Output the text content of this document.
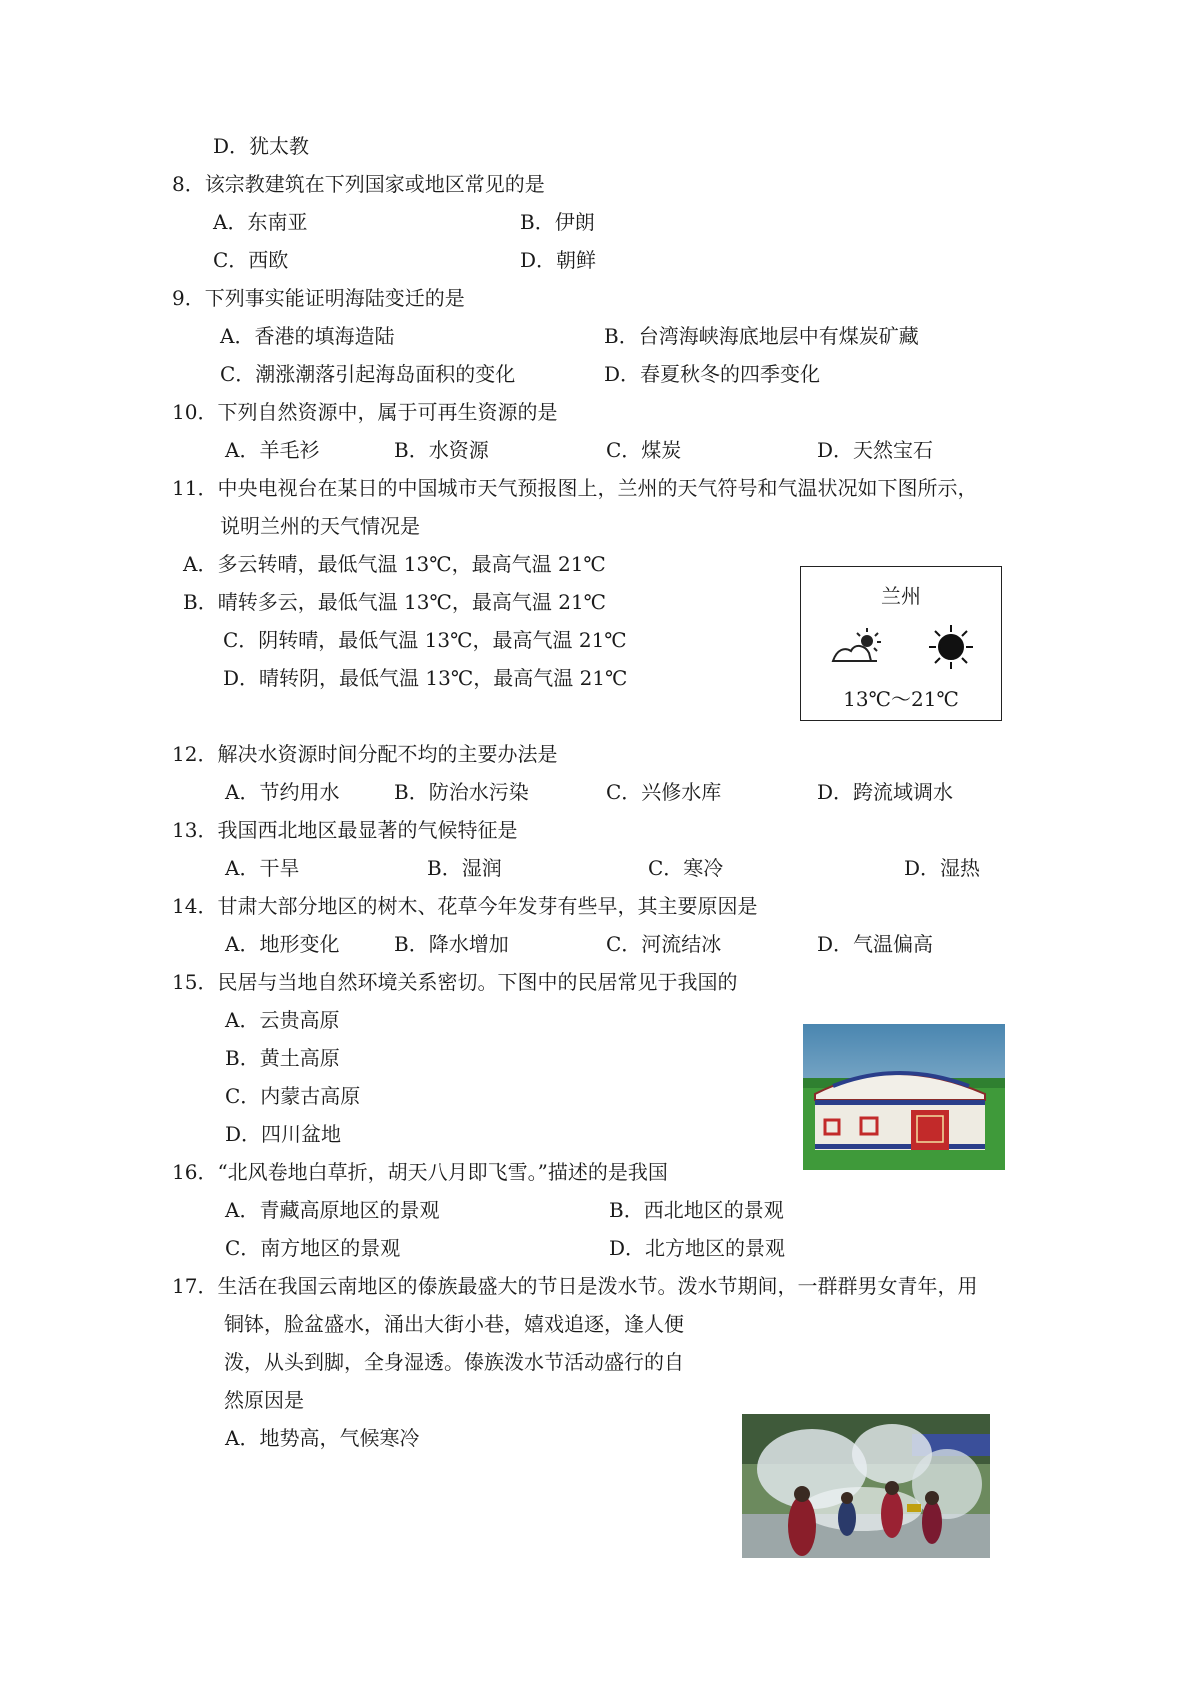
D．犹太教
8．该宗教建筑在下列国家或地区常见的是
A．东南亚	B．伊朗
C．西欧	D．朝鲜
9．下列事实能证明海陆变迁的是
A．香港的填海造陆	B．台湾海峡海底地层中有煤炭矿藏
C．潮涨潮落引起海岛面积的变化	D．春夏秋冬的四季变化
10．下列自然资源中，属于可再生资源的是
A．羊毛衫	B．水资源	C．煤炭	D．天然宝石
11．中央电视台在某日的中国城市天气预报图上，兰州的天气符号和气温状况如下图所示，
说明兰州的天气情况是
A．多云转晴，最低气温 13℃，最高气温 21℃
B．晴转多云，最低气温 13℃，最高气温 21℃
C．阴转晴，最低气温 13℃，最高气温 21℃
D．晴转阴，最低气温 13℃，最高气温 21℃
兰州
13℃～21℃
12．解决水资源时间分配不均的主要办法是
A．节约用水	B．防治水污染	C．兴修水库	D．跨流域调水
13．我国西北地区最显著的气候特征是
A．干旱	B．湿润	C．寒冷	D．湿热
14．甘肃大部分地区的树木、花草今年发芽有些早，其主要原因是
A．地形变化	B．降水增加	C．河流结冰	D．气温偏高
15．民居与当地自然环境关系密切。下图中的民居常见于我国的
A．云贵高原
B．黄土高原
C．内蒙古高原
D．四川盆地
16．“北风卷地白草折，胡天八月即飞雪。”描述的是我国
A．青藏高原地区的景观	B．西北地区的景观
C．南方地区的景观	D．北方地区的景观
17．生活在我国云南地区的傣族最盛大的节日是泼水节。泼水节期间，一群群男女青年，用
铜钵，脸盆盛水，涌出大街小巷，嬉戏追逐，逢人便
泼，从头到脚，全身湿透。傣族泼水节活动盛行的自
然原因是
A．地势高，气候寒冷
